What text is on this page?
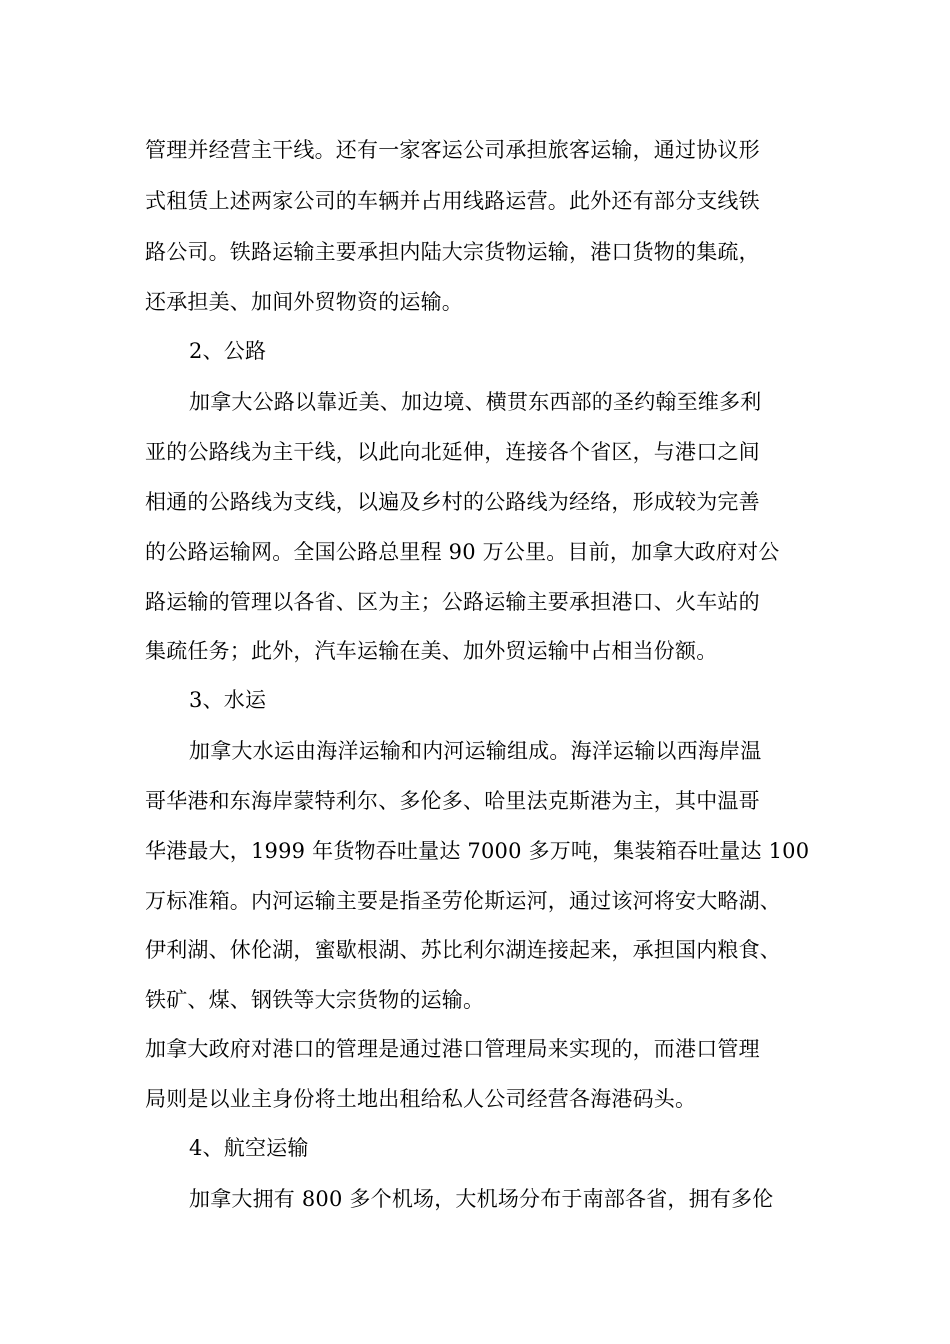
管理并经营主干线。还有一家客运公司承担旅客运输，通过协议形
式租赁上述两家公司的车辆并占用线路运营。此外还有部分支线铁
路公司。铁路运输主要承担内陆大宗货物运输，港口货物的集疏，
还承担美、加间外贸物资的运输。
2、公路
加拿大公路以靠近美、加边境、横贯东西部的圣约翰至维多利
亚的公路线为主干线，以此向北延伸，连接各个省区，与港口之间
相通的公路线为支线，以遍及乡村的公路线为经络，形成较为完善
的公路运输网。全国公路总里程 90 万公里。目前，加拿大政府对公
路运输的管理以各省、区为主；公路运输主要承担港口、火车站的
集疏任务；此外，汽车运输在美、加外贸运输中占相当份额。
3、水运
加拿大水运由海洋运输和内河运输组成。海洋运输以西海岸温
哥华港和东海岸蒙特利尔、多伦多、哈里法克斯港为主，其中温哥
华港最大，1999 年货物吞吐量达 7000 多万吨，集装箱吞吐量达 100
万标准箱。内河运输主要是指圣劳伦斯运河，通过该河将安大略湖、
伊利湖、休伦湖，蜜歇根湖、苏比利尔湖连接起来，承担国内粮食、
铁矿、煤、钢铁等大宗货物的运输。
加拿大政府对港口的管理是通过港口管理局来实现的，而港口管理
局则是以业主身份将土地出租给私人公司经营各海港码头。
4、航空运输
加拿大拥有 800 多个机场，大机场分布于南部各省，拥有多伦
